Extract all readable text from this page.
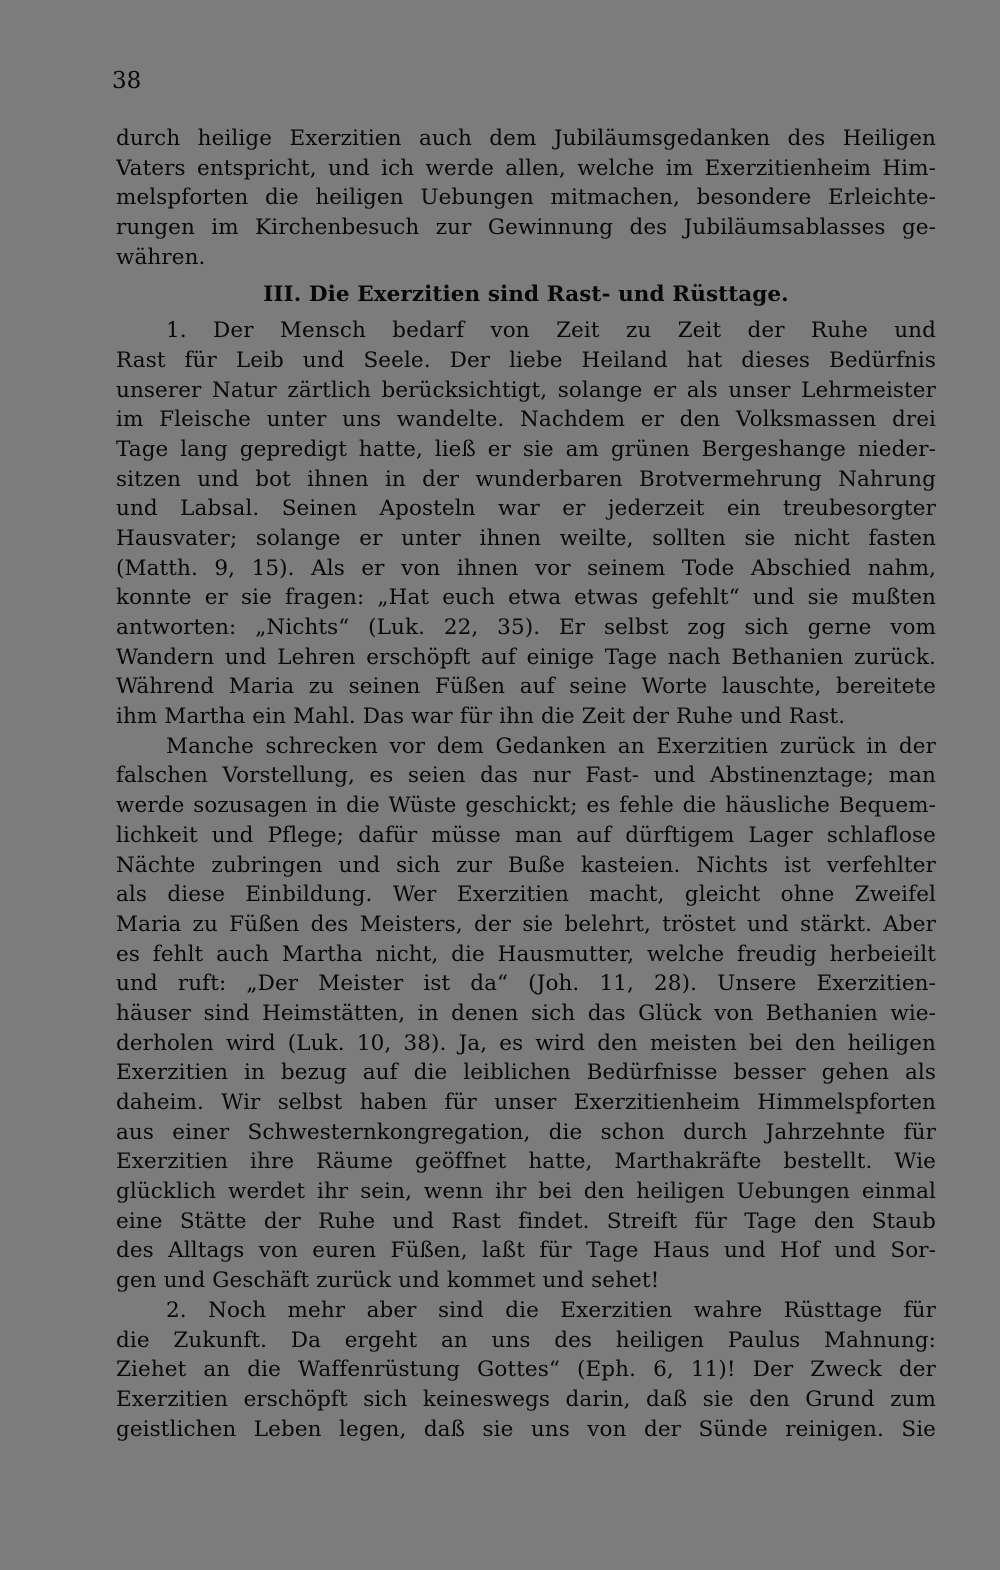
38
durch heilige Exerzitien auch dem Jubiläumsgedanken des Heiligen
Vaters entspricht, und ich werde allen, welche im Exerzitienheim Him-
melspforten die heiligen Uebungen mitmachen, besondere Erleichte-
rungen im Kirchenbesuch zur Gewinnung des Jubiläumsablasses ge-
währen.
III. Die Exerzitien sind Rast- und Rüsttage.
1. Der Mensch bedarf von Zeit zu Zeit der Ruhe und
Rast für Leib und Seele. Der liebe Heiland hat dieses Bedürfnis
unserer Natur zärtlich berücksichtigt, solange er als unser Lehrmeister
im Fleische unter uns wandelte. Nachdem er den Volksmassen drei
Tage lang gepredigt hatte, ließ er sie am grünen Bergeshange nieder-
sitzen und bot ihnen in der wunderbaren Brotvermehrung Nahrung
und Labsal. Seinen Aposteln war er jederzeit ein treubesorgter
Hausvater; solange er unter ihnen weilte, sollten sie nicht fasten
(Matth. 9, 15). Als er von ihnen vor seinem Tode Abschied nahm,
konnte er sie fragen: „Hat euch etwa etwas gefehlt“ und sie mußten
antworten: „Nichts“ (Luk. 22, 35). Er selbst zog sich gerne vom
Wandern und Lehren erschöpft auf einige Tage nach Bethanien zurück.
Während Maria zu seinen Füßen auf seine Worte lauschte, bereitete
ihm Martha ein Mahl. Das war für ihn die Zeit der Ruhe und Rast.
Manche schrecken vor dem Gedanken an Exerzitien zurück in der
falschen Vorstellung, es seien das nur Fast- und Abstinenztage; man
werde sozusagen in die Wüste geschickt; es fehle die häusliche Bequem-
lichkeit und Pflege; dafür müsse man auf dürftigem Lager schlaflose
Nächte zubringen und sich zur Buße kasteien. Nichts ist verfehlter
als diese Einbildung. Wer Exerzitien macht, gleicht ohne Zweifel
Maria zu Füßen des Meisters, der sie belehrt, tröstet und stärkt. Aber
es fehlt auch Martha nicht, die Hausmutter, welche freudig herbeieilt
und ruft: „Der Meister ist da“ (Joh. 11, 28). Unsere Exerzitien-
häuser sind Heimstätten, in denen sich das Glück von Bethanien wie-
derholen wird (Luk. 10, 38). Ja, es wird den meisten bei den heiligen
Exerzitien in bezug auf die leiblichen Bedürfnisse besser gehen als
daheim. Wir selbst haben für unser Exerzitienheim Himmelspforten
aus einer Schwesternkongregation, die schon durch Jahrzehnte für
Exerzitien ihre Räume geöffnet hatte, Marthakräfte bestellt. Wie
glücklich werdet ihr sein, wenn ihr bei den heiligen Uebungen einmal
eine Stätte der Ruhe und Rast findet. Streift für Tage den Staub
des Alltags von euren Füßen, laßt für Tage Haus und Hof und Sor-
gen und Geschäft zurück und kommet und sehet!
2. Noch mehr aber sind die Exerzitien wahre Rüsttage für
die Zukunft. Da ergeht an uns des heiligen Paulus Mahnung:
Ziehet an die Waffenrüstung Gottes“ (Eph. 6, 11)! Der Zweck der
Exerzitien erschöpft sich keineswegs darin, daß sie den Grund zum
geistlichen Leben legen, daß sie uns von der Sünde reinigen. Sie
